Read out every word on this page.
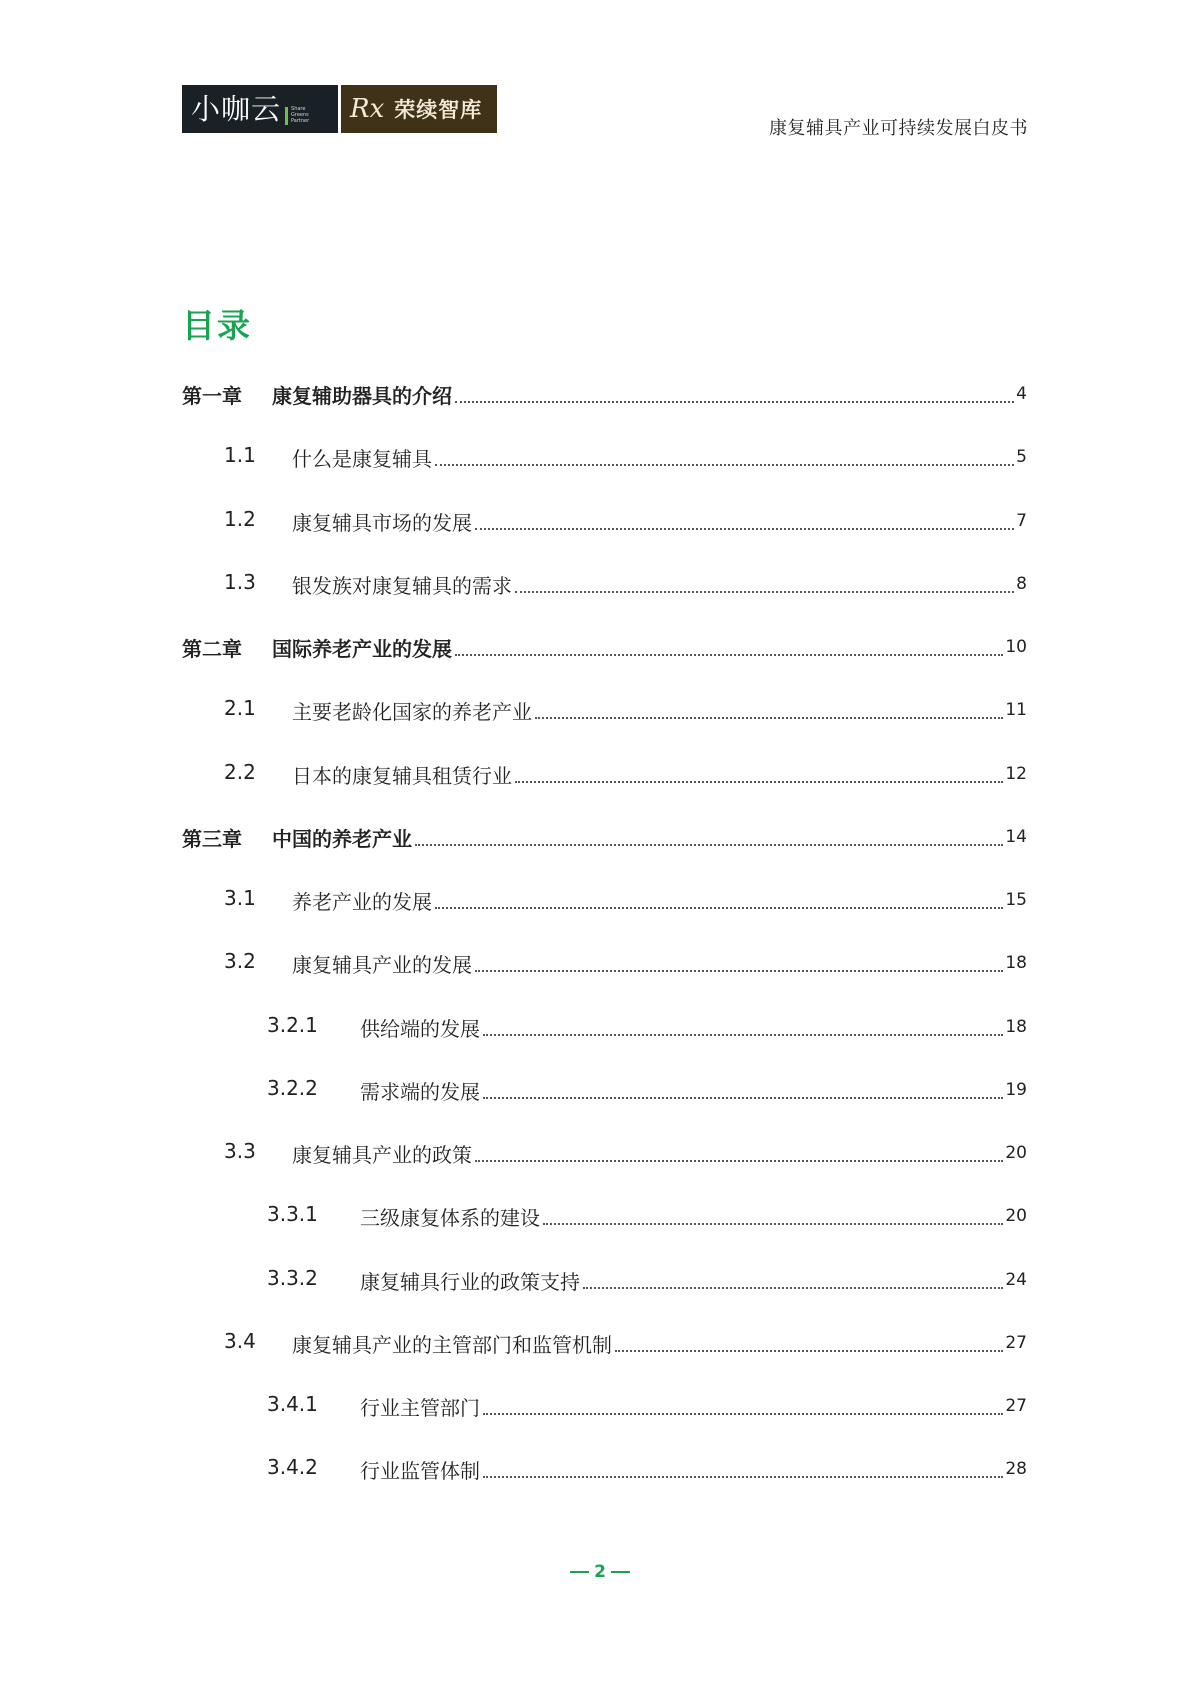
小咖云 Share
Greens
Partner Rx 荣续智库
康复辅具产业可持续发展白皮书
目录
第一章	康复辅助器具的介绍	4
1.1	什么是康复辅具	5
1.2	康复辅具市场的发展	7
1.3	银发族对康复辅具的需求	8
第二章	国际养老产业的发展	10
2.1	主要老龄化国家的养老产业	11
2.2	日本的康复辅具租赁行业	12
第三章	中国的养老产业	14
3.1	养老产业的发展	15
3.2	康复辅具产业的发展	18
3.2.1	供给端的发展	18
3.2.2	需求端的发展	19
3.3	康复辅具产业的政策	20
3.3.1	三级康复体系的建设	20
3.3.2	康复辅具行业的政策支持	24
3.4	康复辅具产业的主管部门和监管机制	27
3.4.1	行业主管部门	27
3.4.2	行业监管体制	28
2
